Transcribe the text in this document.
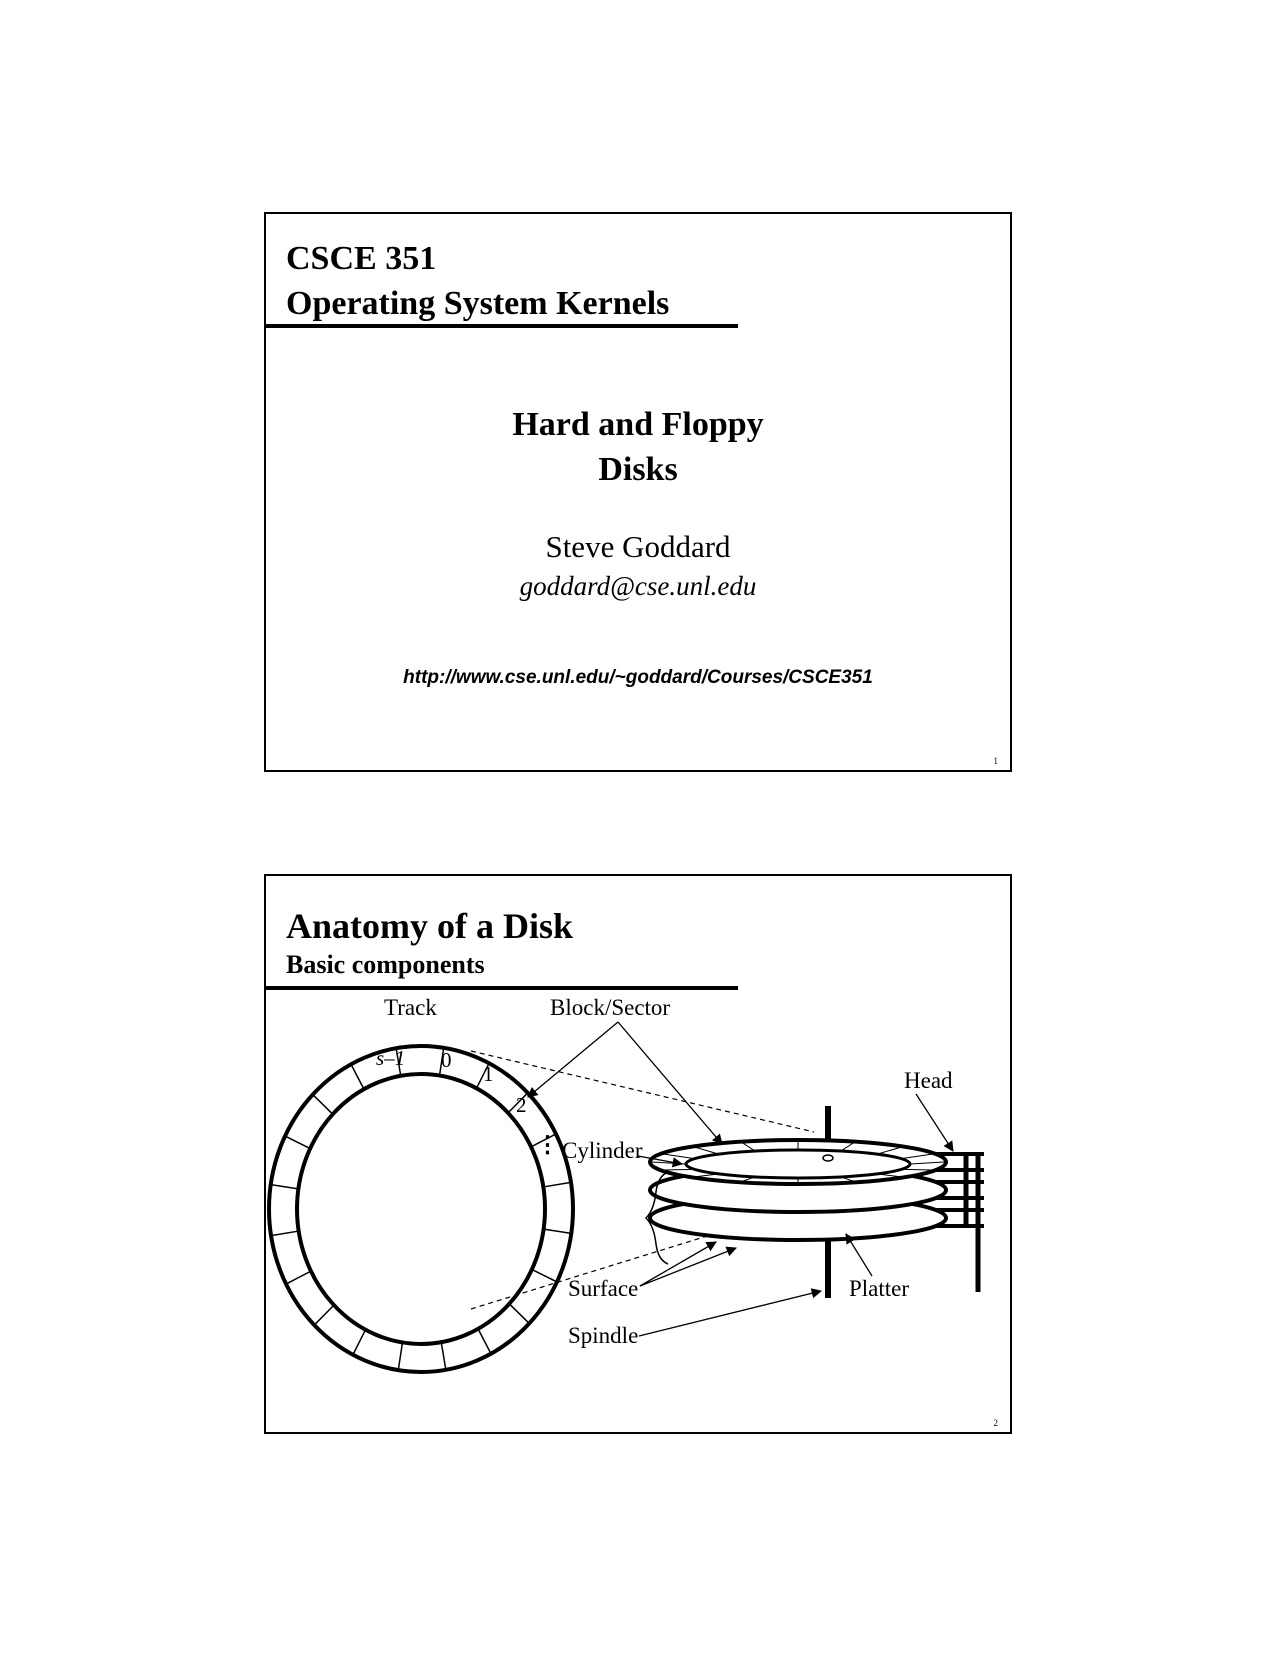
CSCE 351
Operating System Kernels
Hard and Floppy
Disks
Steve Goddard
goddard@cse.unl.edu
http://www.cse.unl.edu/~goddard/Courses/CSCE351
1
Anatomy of a Disk
Basic components
s–1 0
1
2
⋮
Track	Block/Sector
Head
Cylinder
Surface	Platter
Spindle
2
